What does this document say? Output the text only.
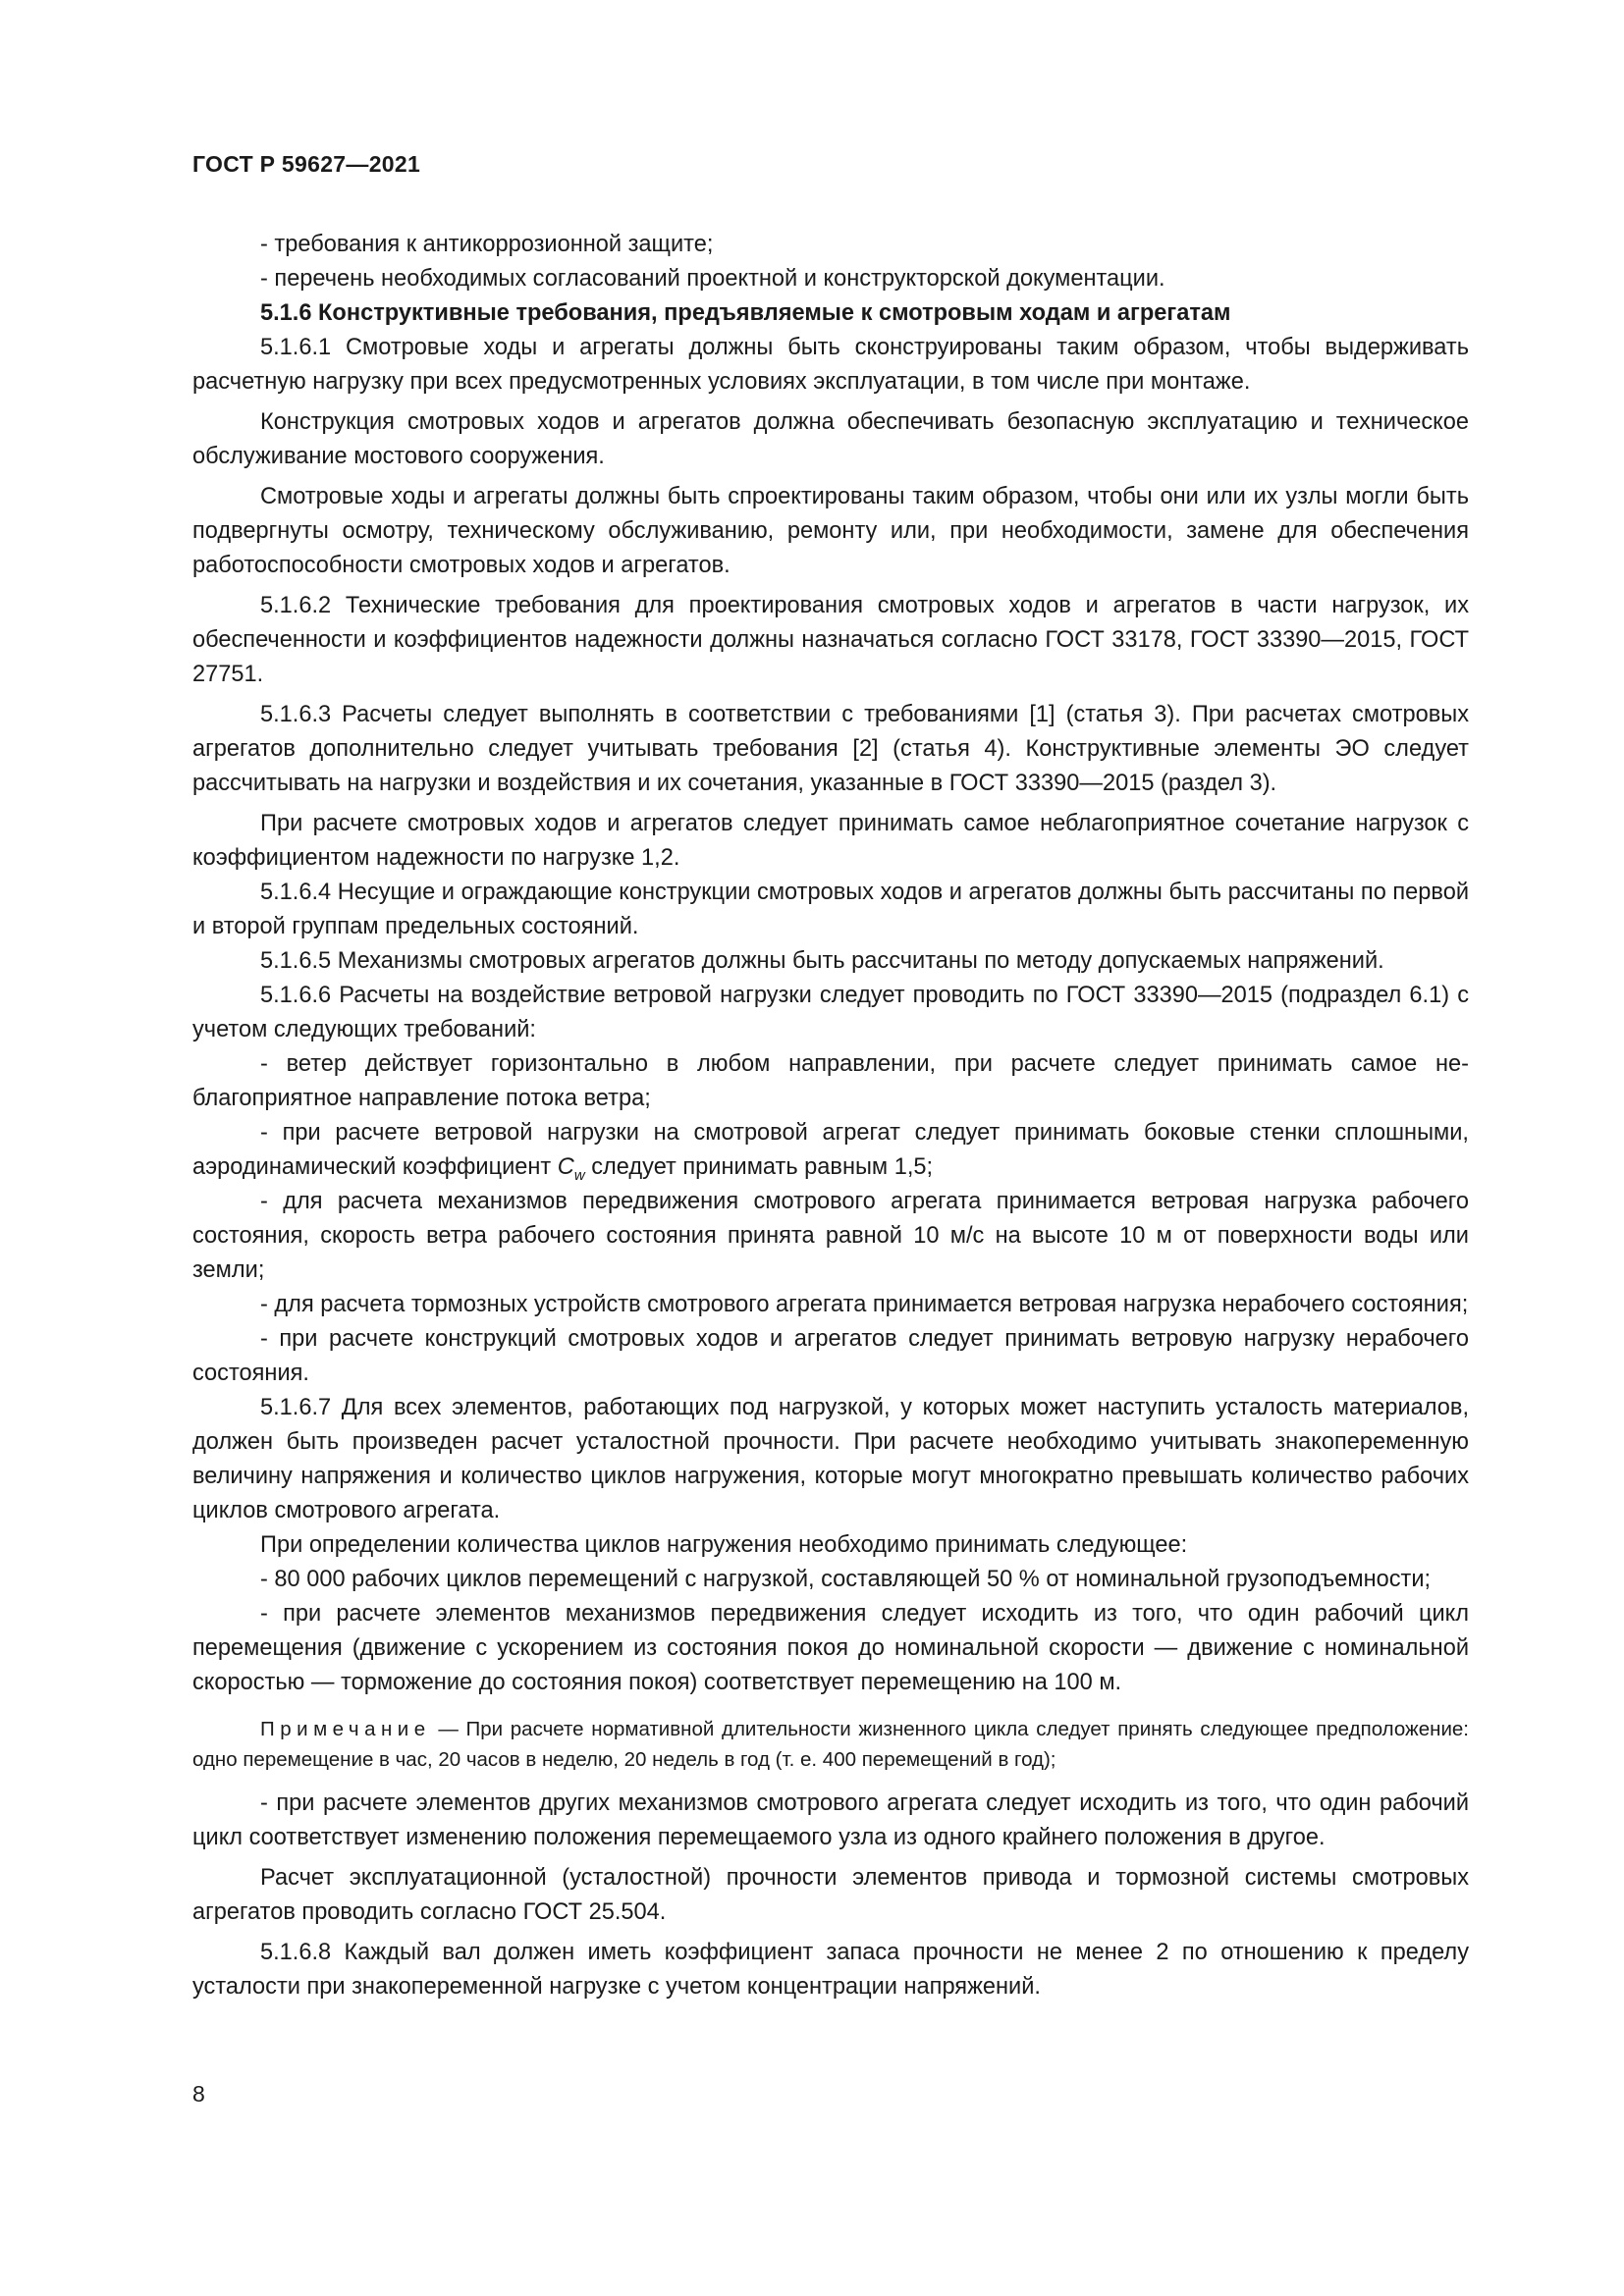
ГОСТ Р 59627—2021

- требования к антикоррозионной защите;

- перечень необходимых согласований проектной и конструкторской документации.

5.1.6 Конструктивные требования, предъявляемые к смотровым ходам и агрегатам

5.1.6.1 Смотровые ходы и агрегаты должны быть сконструированы таким образом, чтобы выдерживать расчетную нагрузку при всех предусмотренных условиях эксплуатации, в том числе при монтаже.

Конструкция смотровых ходов и агрегатов должна обеспечивать безопасную эксплуатацию и техническое обслуживание мостового сооружения.

Смотровые ходы и агрегаты должны быть спроектированы таким образом, чтобы они или их узлы могли быть подвергнуты осмотру, техническому обслуживанию, ремонту или, при необходимости, замене для обеспечения работоспособности смотровых ходов и агрегатов.

5.1.6.2 Технические требования для проектирования смотровых ходов и агрегатов в части нагрузок, их обеспеченности и коэффициентов надежности должны назначаться согласно ГОСТ 33178, ГОСТ 33390—2015, ГОСТ 27751.

5.1.6.3 Расчеты следует выполнять в соответствии с требованиями [1] (статья 3). При расчетах смотровых агрегатов дополнительно следует учитывать требования [2] (статья 4). Конструктивные элементы ЭО следует рассчитывать на нагрузки и воздействия и их сочетания, указанные в ГОСТ 33390—2015 (раздел 3).

При расчете смотровых ходов и агрегатов следует принимать самое неблагоприятное сочетание нагрузок с коэффициентом надежности по нагрузке 1,2.

5.1.6.4 Несущие и ограждающие конструкции смотровых ходов и агрегатов должны быть рассчитаны по первой и второй группам предельных состояний.

5.1.6.5 Механизмы смотровых агрегатов должны быть рассчитаны по методу допускаемых напряжений.

5.1.6.6 Расчеты на воздействие ветровой нагрузки следует проводить по ГОСТ 33390—2015 (подраздел 6.1) с учетом следующих требований:

- ветер действует горизонтально в любом направлении, при расчете следует принимать самое неблагоприятное направление потока ветра;

- при расчете ветровой нагрузки на смотровой агрегат следует принимать боковые стенки сплошными, аэродинамический коэффициент $C_w$ следует принимать равным 1,5;

- для расчета механизмов передвижения смотрового агрегата принимается ветровая нагрузка рабочего состояния, скорость ветра рабочего состояния принята равной 10 м/с на высоте 10 м от поверхности воды или земли;

- для расчета тормозных устройств смотрового агрегата принимается ветровая нагрузка нерабочего состояния;

- при расчете конструкций смотровых ходов и агрегатов следует принимать ветровую нагрузку нерабочего состояния.

5.1.6.7 Для всех элементов, работающих под нагрузкой, у которых может наступить усталость материалов, должен быть произведен расчет усталостной прочности. При расчете необходимо учитывать знакопеременную величину напряжения и количество циклов нагружения, которые могут многократно превышать количество рабочих циклов смотрового агрегата.

При определении количества циклов нагружения необходимо принимать следующее:

- 80 000 рабочих циклов перемещений с нагрузкой, составляющей 50 % от номинальной грузоподъемности;

- при расчете элементов механизмов передвижения следует исходить из того, что один рабочий цикл перемещения (движение с ускорением из состояния покоя до номинальной скорости — движение с номинальной скоростью — торможение до состояния покоя) соответствует перемещению на 100 м.

Примечание — При расчете нормативной длительности жизненного цикла следует принять следующее предположение: одно перемещение в час, 20 часов в неделю, 20 недель в год (т. е. 400 перемещений в год);

- при расчете элементов других механизмов смотрового агрегата следует исходить из того, что один рабочий цикл соответствует изменению положения перемещаемого узла из одного крайнего положения в другое.

Расчет эксплуатационной (усталостной) прочности элементов привода и тормозной системы смотровых агрегатов проводить согласно ГОСТ 25.504.

5.1.6.8 Каждый вал должен иметь коэффициент запаса прочности не менее 2 по отношению к пределу усталости при знакопеременной нагрузке с учетом концентрации напряжений.

8
